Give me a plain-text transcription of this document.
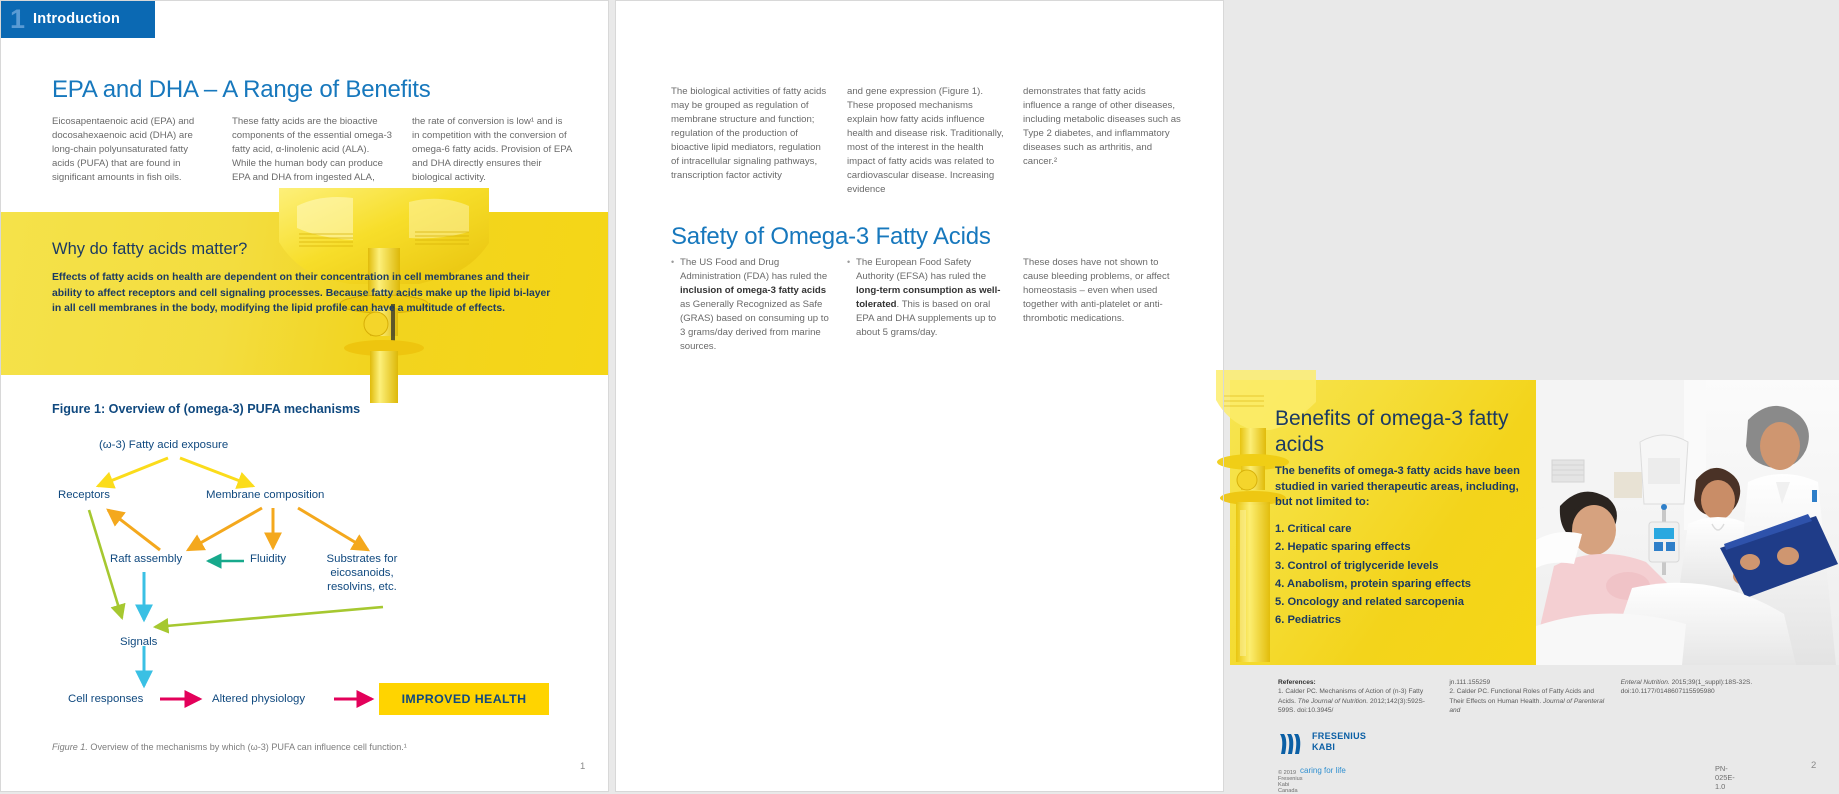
1 Introduction
EPA and DHA – A Range of Benefits
Eicosapentaenoic acid (EPA) and docosahexaenoic acid (DHA) are long-chain polyunsaturated fatty acids (PUFA) that are found in significant amounts in fish oils.
These fatty acids are the bioactive components of the essential omega-3 fatty acid, α-linolenic acid (ALA). While the human body can produce EPA and DHA from ingested ALA,
the rate of conversion is low¹ and is in competition with the conversion of omega-6 fatty acids. Provision of EPA and DHA directly ensures their biological activity.
Why do fatty acids matter?
Effects of fatty acids on health are dependent on their concentration in cell membranes and their ability to affect receptors and cell signaling processes. Because fatty acids make up the lipid bi-layer in all cell membranes in the body, modifying the lipid profile can have a multitude of effects.
Figure 1: Overview of (omega-3) PUFA mechanisms
(ω-3) Fatty acid exposure
Receptors	Membrane composition
Raft assembly	Fluidity	Substrates for eicosanoids, resolvins, etc.
Signals
Cell responses	Altered physiology	IMPROVED HEALTH
Figure 1. Overview of the mechanisms by which (ω-3) PUFA can influence cell function.¹
1
The biological activities of fatty acids may be grouped as regulation of membrane structure and function; regulation of the production of bioactive lipid mediators, regulation of intracellular signaling pathways, transcription factor activity
and gene expression (Figure 1). These proposed mechanisms explain how fatty acids influence health and disease risk. Traditionally, most of the interest in the health impact of fatty acids was related to cardiovascular disease. Increasing evidence
demonstrates that fatty acids influence a range of other diseases, including metabolic diseases such as Type 2 diabetes, and inflammatory diseases such as arthritis, and cancer.²
Safety of Omega-3 Fatty Acids
• The US Food and Drug Administration (FDA) has ruled the inclusion of omega-3 fatty acids as Generally Recognized as Safe (GRAS) based on consuming up to 3 grams/day derived from marine sources.
• The European Food Safety Authority (EFSA) has ruled the long-term consumption as well-tolerated. This is based on oral EPA and DHA supplements up to about 5 grams/day.
These doses have not shown to cause bleeding problems, or affect homeostasis – even when used together with anti-platelet or anti-thrombotic medications.
Benefits of omega-3 fatty acids
The benefits of omega-3 fatty acids have been studied in varied therapeutic areas, including, but not limited to:
1. Critical care
2. Hepatic sparing effects
3. Control of triglyceride levels
4. Anabolism, protein sparing effects
5. Oncology and related sarcopenia
6. Pediatrics
References:
1. Calder PC. Mechanisms of Action of (n-3) Fatty Acids. The Journal of Nutrition. 2012;142(3):592S-599S. doi:10.3945/
jn.111.155259
2. Calder PC. Functional Roles of Fatty Acids and Their Effects on Human Health. Journal of Parenteral and
Enteral Nutrition. 2015;39(1_suppl):18S-32S. doi:10.1177/0148607115595980
FRESENIUS
KABI
caring for life
© 2019 Fresenius Kabi Canada
PN-025E-1.0
2
